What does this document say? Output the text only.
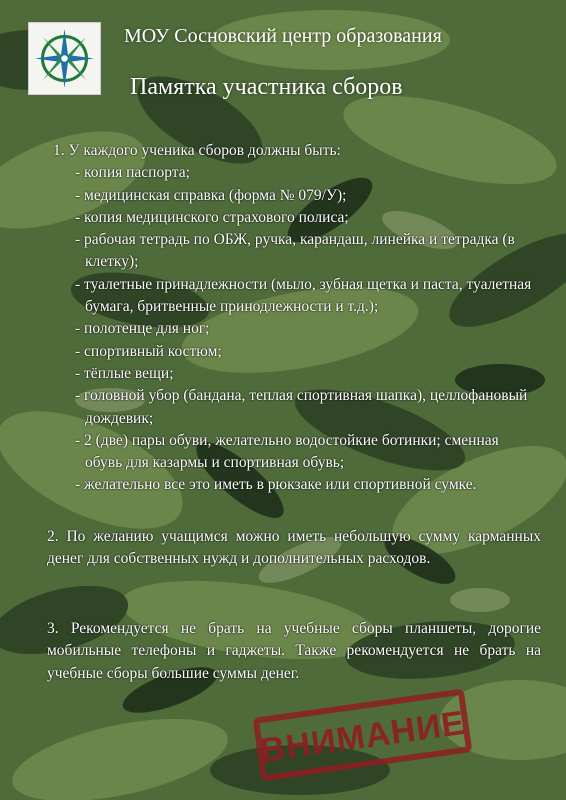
МОУ Сосновский центр образования
Памятка участника сборов
1. У каждого ученика сборов должны быть:
- копия паспорта;
- медицинская справка (форма № 079/У);
- копия медицинского страхового полиса;
- рабочая тетрадь по ОБЖ, ручка, карандаш, линейка и тетрадка (в клетку);
- туалетные принадлежности (мыло, зубная щетка и паста, туалетная бумага, бритвенные принодлежности и т.д.);
- полотенце для ног;
- спортивный костюм;
- тёплые вещи;
- головной убор (бандана, теплая спортивная шапка), целлофановый дождевик;
- 2 (две) пары обуви, желательно водостойкие ботинки; сменная обувь для казармы и спортивная обувь;
- желательно все это иметь в рюкзаке или спортивной сумке.
2. По желанию учащимся можно иметь небольшую сумму карманных денег для собственных нужд и дополнительных расходов.
3. Рекомендуется не брать на учебные сборы планшеты, дорогие мобильные телефоны и гаджеты. Также рекомендуется не брать на учебные сборы большие суммы денег.
ВНИМАНИЕ
